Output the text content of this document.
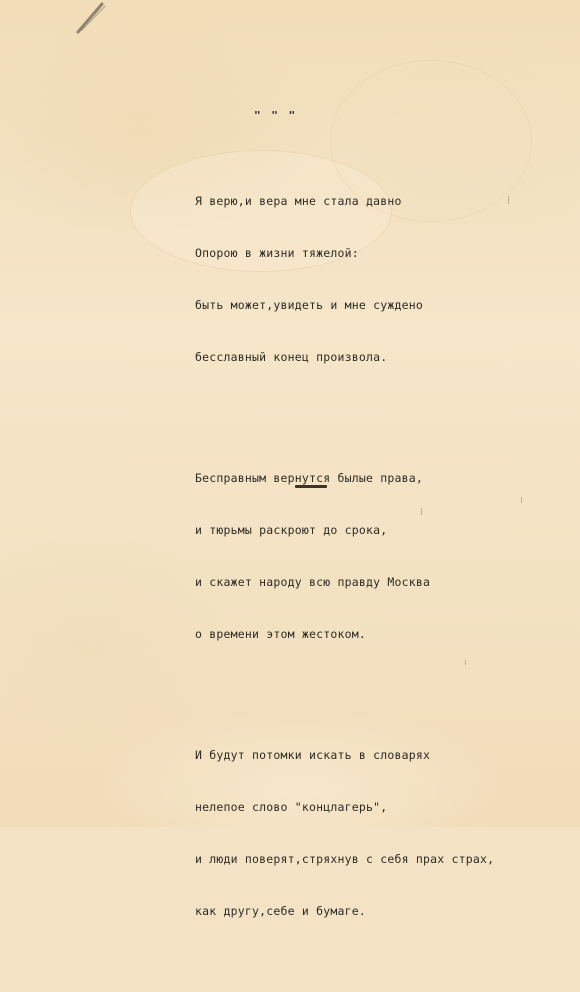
" " "

Я верю,и вера мне стала давно

Опорою в жизни тяжелой:

быть может,увидеть и мне суждено

бесславный конец произвола.

Бесправным вернутся былые права,

и тюрьмы раскроют до срока,

и скажет народу всю правду Москва

о времени этом жестоком.

И будут потомки искать в словарях

нелепое слово "концлагерь",

и люди поверят,стряхнув с себя прах страх,

как другу,себе и бумаге.
